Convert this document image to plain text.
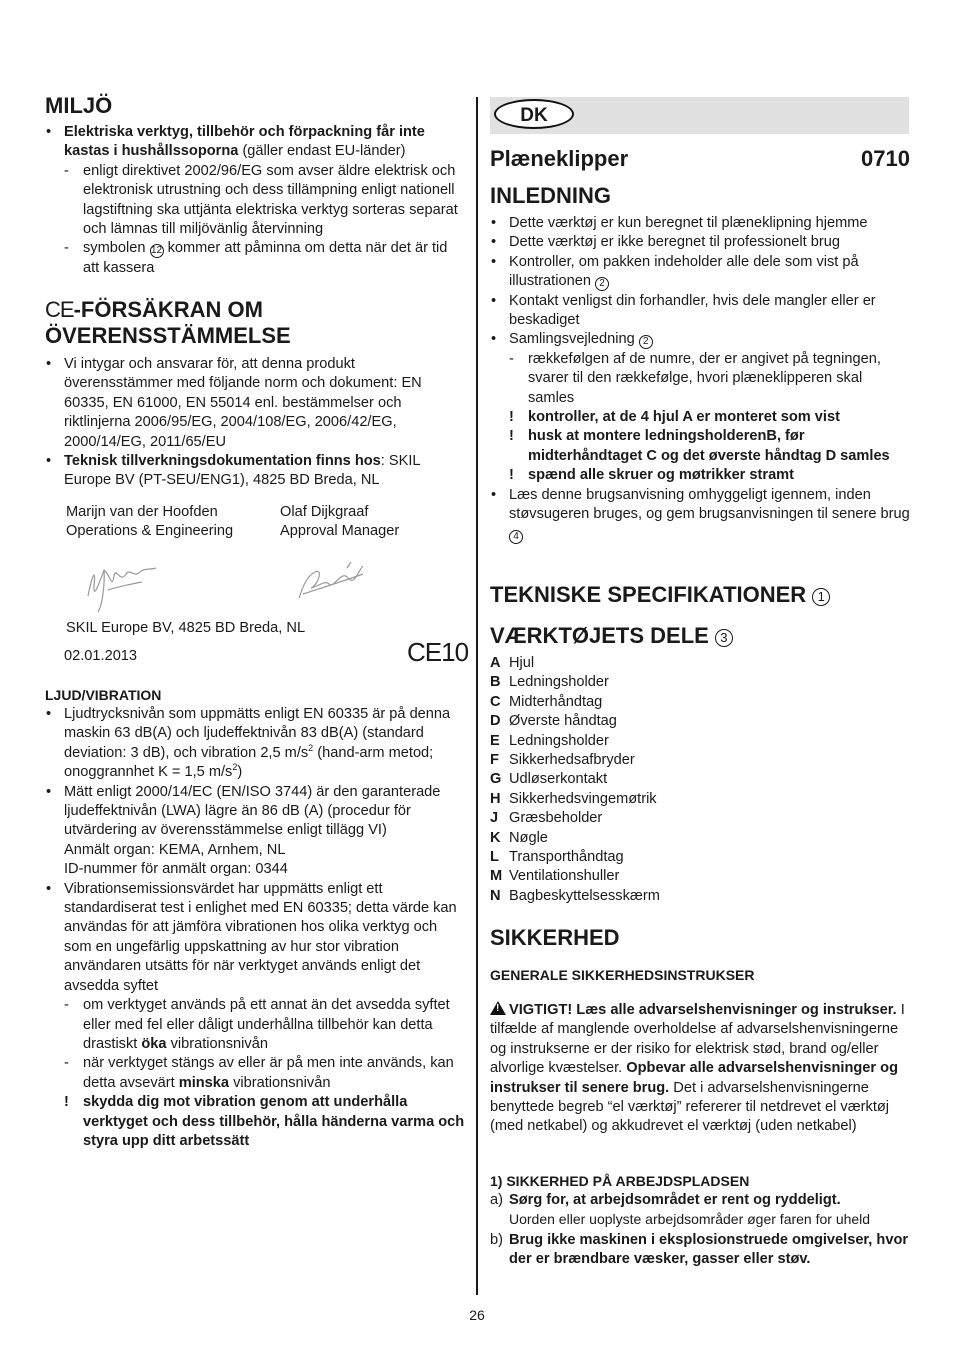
MILJÖ
• Elektriska verktyg, tillbehör och förpackning får inte kastas i hushållssoporna (gäller endast EU-länder)
- enligt direktivet 2002/96/EG som avser äldre elektrisk och elektronisk utrustning och dess tillämpning enligt nationell lagstiftning ska uttjänta elektriska verktyg sorteras separat och lämnas till miljövänlig återvinning
- symbolen 12 kommer att påminna om detta när det är tid att kassera
CE-FÖRSÄKRAN OM
ÖVERENSSTÄMMELSE
• Vi intygar och ansvarar för, att denna produkt överensstämmer med följande norm och dokument: EN 60335, EN 61000, EN 55014 enl. bestämmelser och riktlinjerna 2006/95/EG, 2004/108/EG, 2006/42/EG, 2000/14/EG, 2011/65/EU
• Teknisk tillverkningsdokumentation finns hos: SKIL Europe BV (PT-SEU/ENG1), 4825 BD Breda, NL
Marijn van der Hoofden
Operations & Engineering
Olaf Dijkgraaf
Approval Manager
SKIL Europe BV, 4825 BD Breda, NL
02.01.2013	CE10
LJUD/VIBRATION
• Ljudtrycksnivån som uppmätts enligt EN 60335 är på denna maskin 63 dB(A) och ljudeffektnivån 83 dB(A) (standard deviation: 3 dB), och vibration 2,5 $m/s^2$ (hand-arm metod; onoggrannhet K = 1,5 $m/s^2$)
• Mätt enligt 2000/14/EC (EN/ISO 3744) är den garanterade ljudeffektnivån (LWA) lägre än 86 dB (A) (procedur för utvärdering av överensstämmelse enligt tillägg VI)
Anmält organ: KEMA, Arnhem, NL
ID-nummer för anmält organ: 0344
• Vibrationsemissionsvärdet har uppmätts enligt ett standardiserat test i enlighet med EN 60335; detta värde kan användas för att jämföra vibrationen hos olika verktyg och som en ungefärlig uppskattning av hur stor vibration användaren utsätts för när verktyget används enligt det avsedda syftet
- om verktyget används på ett annat än det avsedda syftet eller med fel eller dåligt underhållna tillbehör kan detta drastiskt öka vibrationsnivån
- när verktyget stängs av eller är på men inte används, kan detta avsevärt minska vibrationsnivån
! skydda dig mot vibration genom att underhålla verktyget och dess tillbehör, hålla händerna varma och styra upp ditt arbetssätt
DK
Plæneklipper	0710
INLEDNING
• Dette værktøj er kun beregnet til plæneklipning hjemme
• Dette værktøj er ikke beregnet til professionelt brug
• Kontroller, om pakken indeholder alle dele som vist på illustrationen 2
• Kontakt venligst din forhandler, hvis dele mangler eller er beskadiget
• Samlingsvejledning 2
- rækkefølgen af de numre, der er angivet på tegningen, svarer til den rækkefølge, hvori plæneklipperen skal samles
! kontroller, at de 4 hjul A er monteret som vist
! husk at montere ledningsholderenB, før midterhåndtaget C og det øverste håndtag D samles
! spænd alle skruer og møtrikker stramt
• Læs denne brugsanvisning omhyggeligt igennem, inden støvsugeren bruges, og gem brugsanvisningen til senere brug 4
TEKNISKE SPECIFIKATIONER 1
VÆRKTØJETS DELE 3
A Hjul
B Ledningsholder
C Midterhåndtag
D Øverste håndtag
E Ledningsholder
F Sikkerhedsafbryder
G Udløserkontakt
H Sikkerhedsvingemøtrik
J Græsbeholder
K Nøgle
L Transporthåndtag
M Ventilationshuller
N Bagbeskyttelsesskærm
SIKKERHED
GENERALE SIKKERHEDSINSTRUKSER
!VIGTIGT! Læs alle advarselshenvisninger og instrukser. I tilfælde af manglende overholdelse af advarselshenvisningerne og instrukserne er der risiko for elektrisk stød, brand og/eller alvorlige kvæstelser. Opbevar alle advarselshenvisninger og instrukser til senere brug. Det i advarselshenvisningerne benyttede begreb “el værktøj” refererer til netdrevet el værktøj (med netkabel) og akkudrevet el værktøj (uden netkabel)
1) SIKKERHED PÅ ARBEJDSPLADSEN
a) Sørg for, at arbejdsområdet er rent og ryddeligt.
Uorden eller uoplyste arbejdsområder øger faren for uheld
b) Brug ikke maskinen i eksplosionstruede omgivelser, hvor der er brændbare væsker, gasser eller støv.
26
